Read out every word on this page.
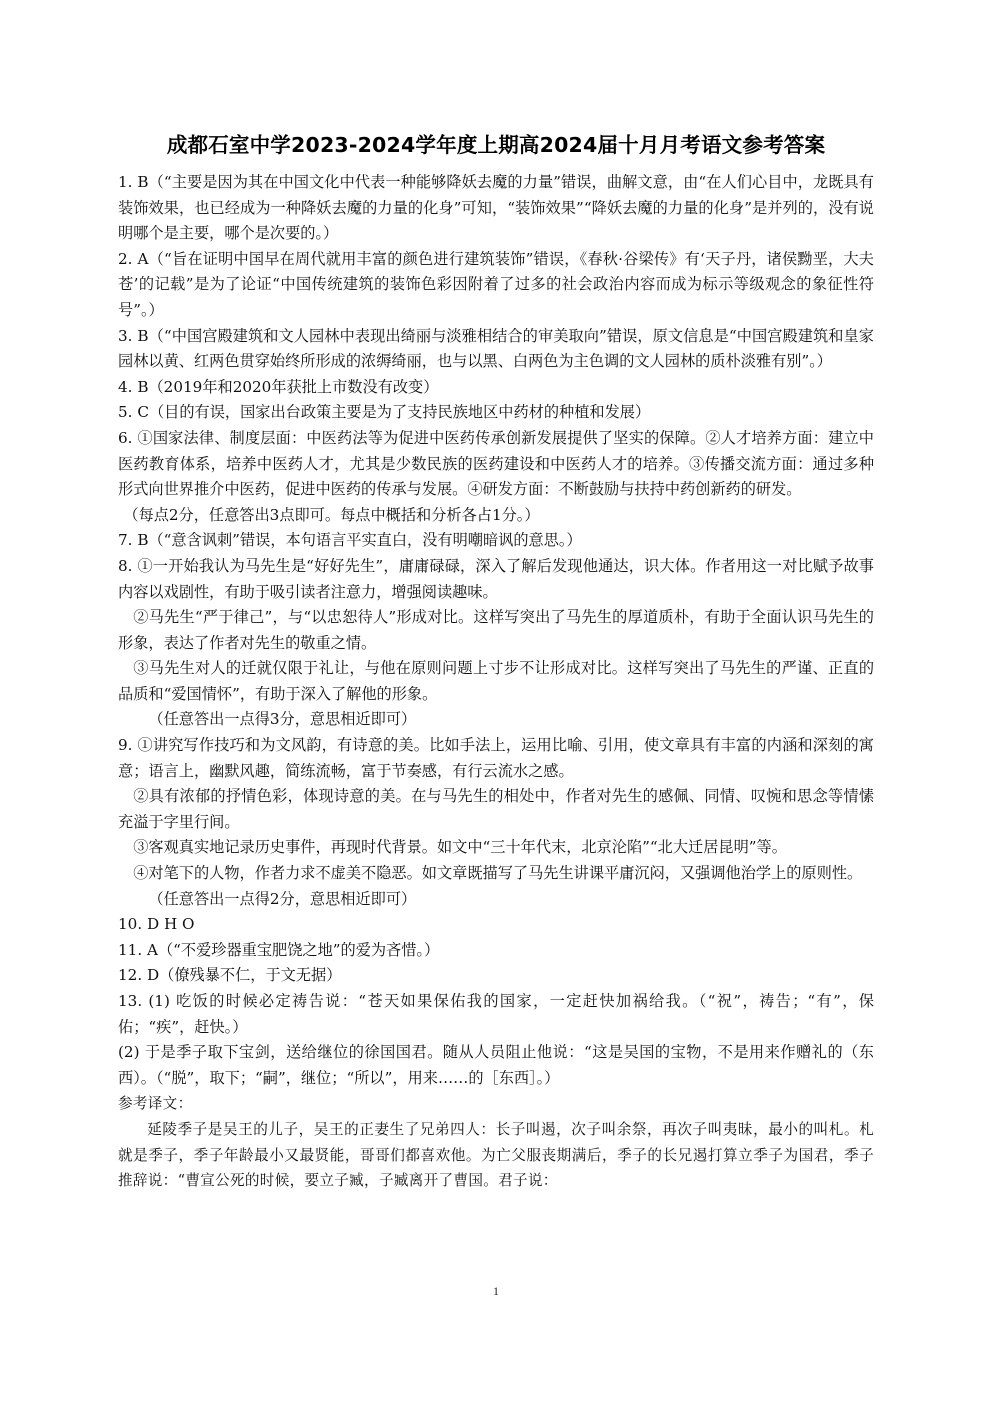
成都石室中学2023-2024学年度上期高2024届十月月考语文参考答案

1. B（“主要是因为其在中国文化中代表一种能够降妖去魔的力量”错误，曲解文意，由“在人们心目中，龙既具有装饰效果，也已经成为一种降妖去魔的力量的化身”可知，“装饰效果”“降妖去魔的力量的化身”是并列的，没有说明哪个是主要，哪个是次要的。）

2. A（“旨在证明中国早在周代就用丰富的颜色进行建筑装饰”错误，《春秋·谷梁传》有‘天子丹，诸侯黝垩，大夫苍’的记载”是为了论证“中国传统建筑的装饰色彩因附着了过多的社会政治内容而成为标示等级观念的象征性符号”。）

3. B（“中国宫殿建筑和文人园林中表现出绮丽与淡雅相结合的审美取向”错误，原文信息是“中国宫殿建筑和皇家园林以黄、红两色贯穿始终所形成的浓缛绮丽，也与以黑、白两色为主色调的文人园林的质朴淡雅有别”。）

4. B（2019年和2020年获批上市数没有改变）

5. C（目的有误，国家出台政策主要是为了支持民族地区中药材的种植和发展）

6. ①国家法律、制度层面：中医药法等为促进中医药传承创新发展提供了坚实的保障。②人才培养方面：建立中医药教育体系，培养中医药人才，尤其是少数民族的医药建设和中医药人才的培养。③传播交流方面：通过多种形式向世界推介中医药，促进中医药的传承与发展。④研发方面：不断鼓励与扶持中药创新药的研发。

（每点2分，任意答出3点即可。每点中概括和分析各占1分。）

7. B（“意含讽刺”错误，本句语言平实直白，没有明嘲暗讽的意思。）

8. ①一开始我认为马先生是“好好先生”，庸庸碌碌，深入了解后发现他通达，识大体。作者用这一对比赋予故事内容以戏剧性，有助于吸引读者注意力，增强阅读趣味。

②马先生“严于律己”，与“以忠恕待人”形成对比。这样写突出了马先生的厚道质朴，有助于全面认识马先生的形象，表达了作者对先生的敬重之情。

③马先生对人的迁就仅限于礼让，与他在原则问题上寸步不让形成对比。这样写突出了马先生的严谨、正直的品质和“爱国情怀”，有助于深入了解他的形象。

（任意答出一点得3分，意思相近即可）

9. ①讲究写作技巧和为文风韵，有诗意的美。比如手法上，运用比喻、引用，使文章具有丰富的内涵和深刻的寓意；语言上，幽默风趣，简练流畅，富于节奏感，有行云流水之感。

②具有浓郁的抒情色彩，体现诗意的美。在与马先生的相处中，作者对先生的感佩、同情、叹惋和思念等情愫充溢于字里行间。

③客观真实地记录历史事件，再现时代背景。如文中“三十年代末，北京沦陷”“北大迁居昆明”等。

④对笔下的人物，作者力求不虚美不隐恶。如文章既描写了马先生讲课平庸沉闷，又强调他治学上的原则性。

（任意答出一点得2分，意思相近即可）

10. D H O

11. A（“不爱珍器重宝肥饶之地”的爱为吝惜。）

12. D（僚残暴不仁，于文无据）

13. (1) 吃饭的时候必定祷告说：“苍天如果保佑我的国家，一定赶快加祸给我。（“祝”，祷告；“有”，保佑；“疾”，赶快。）

(2) 于是季子取下宝剑，送给继位的徐国国君。随从人员阻止他说：“这是吴国的宝物，不是用来作赠礼的（东西）。（“脱”，取下；“嗣”，继位；“所以”，用来……的［东西］。）

参考译文：

延陵季子是吴王的儿子，吴王的正妻生了兄弟四人：长子叫遏，次子叫余祭，再次子叫夷昧，最小的叫札。札就是季子，季子年龄最小又最贤能，哥哥们都喜欢他。为亡父服丧期满后，季子的长兄遏打算立季子为国君，季子推辞说：“曹宣公死的时候，要立子臧，子臧离开了曹国。君子说：

1
